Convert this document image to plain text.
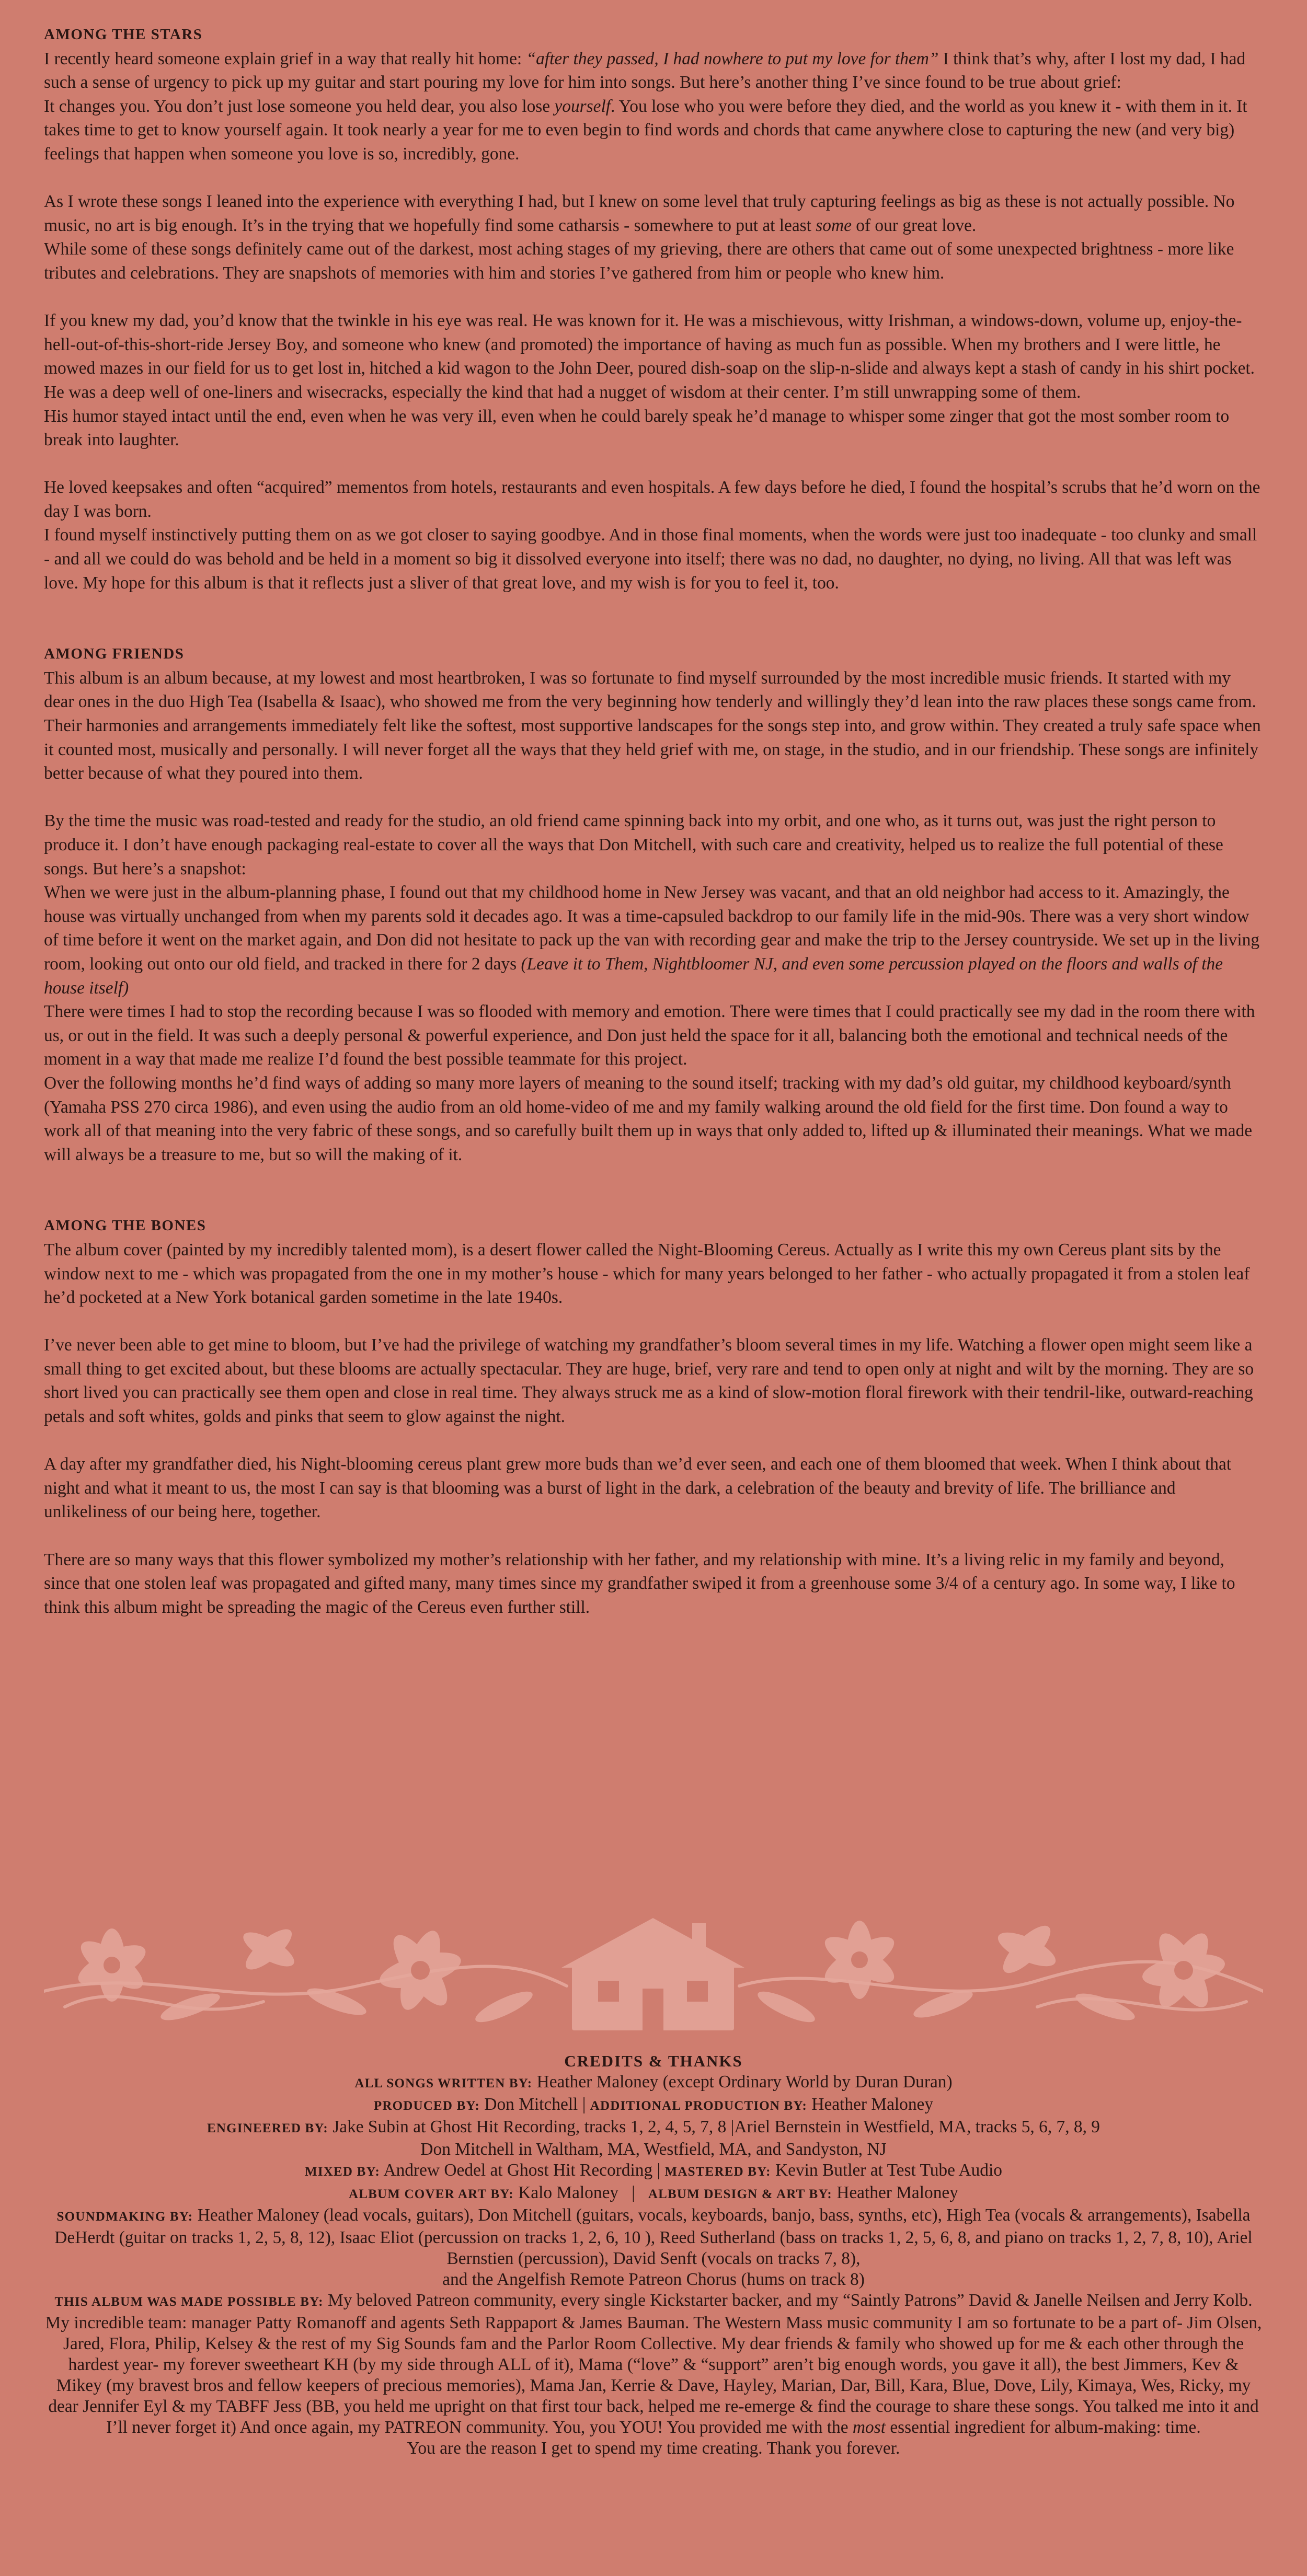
AMONG THE STARS

I recently heard someone explain grief in a way that really hit home: “after they passed, I had nowhere to put my love for them” I think that’s why, after I lost my dad, I had such a sense of urgency to pick up my guitar and start pouring my love for him into songs. But here’s another thing I’ve since found to be true about grief:

It changes you. You don’t just lose someone you held dear, you also lose yourself. You lose who you were before they died, and the world as you knew it - with them in it. It takes time to get to know yourself again. It took nearly a year for me to even begin to find words and chords that came anywhere close to capturing the new (and very big) feelings that happen when someone you love is so, incredibly, gone.

As I wrote these songs I leaned into the experience with everything I had, but I knew on some level that truly capturing feelings as big as these is not actually possible. No music, no art is big enough. It’s in the trying that we hopefully find some catharsis - somewhere to put at least some of our great love.

While some of these songs definitely came out of the darkest, most aching stages of my grieving, there are others that came out of some unexpected brightness - more like tributes and celebrations. They are snapshots of memories with him and stories I’ve gathered from him or people who knew him.

If you knew my dad, you’d know that the twinkle in his eye was real. He was known for it. He was a mischievous, witty Irishman, a windows-down, volume up, enjoy-the-hell-out-of-this-short-ride Jersey Boy, and someone who knew (and promoted) the importance of having as much fun as possible. When my brothers and I were little, he mowed mazes in our field for us to get lost in, hitched a kid wagon to the John Deer, poured dish-soap on the slip-n-slide and always kept a stash of candy in his shirt pocket. He was a deep well of one-liners and wisecracks, especially the kind that had a nugget of wisdom at their center. I’m still unwrapping some of them.

His humor stayed intact until the end, even when he was very ill, even when he could barely speak he’d manage to whisper some zinger that got the most somber room to break into laughter.

He loved keepsakes and often “acquired” mementos from hotels, restaurants and even hospitals. A few days before he died, I found the hospital’s scrubs that he’d worn on the day I was born.

I found myself instinctively putting them on as we got closer to saying goodbye. And in those final moments, when the words were just too inadequate - too clunky and small - and all we could do was behold and be held in a moment so big it dissolved everyone into itself; there was no dad, no daughter, no dying, no living. All that was left was love. My hope for this album is that it reflects just a sliver of that great love, and my wish is for you to feel it, too.

AMONG FRIENDS

This album is an album because, at my lowest and most heartbroken, I was so fortunate to find myself surrounded by the most incredible music friends. It started with my dear ones in the duo High Tea (Isabella & Isaac), who showed me from the very beginning how tenderly and willingly they’d lean into the raw places these songs came from. Their harmonies and arrangements immediately felt like the softest, most supportive landscapes for the songs step into, and grow within. They created a truly safe space when it counted most, musically and personally. I will never forget all the ways that they held grief with me, on stage, in the studio, and in our friendship. These songs are infinitely better because of what they poured into them.

By the time the music was road-tested and ready for the studio, an old friend came spinning back into my orbit, and one who, as it turns out, was just the right person to produce it. I don’t have enough packaging real-estate to cover all the ways that Don Mitchell, with such care and creativity, helped us to realize the full potential of these songs. But here’s a snapshot:

When we were just in the album-planning phase, I found out that my childhood home in New Jersey was vacant, and that an old neighbor had access to it. Amazingly, the house was virtually unchanged from when my parents sold it decades ago. It was a time-capsuled backdrop to our family life in the mid-90s. There was a very short window of time before it went on the market again, and Don did not hesitate to pack up the van with recording gear and make the trip to the Jersey countryside. We set up in the living room, looking out onto our old field, and tracked in there for 2 days (Leave it to Them, Nightbloomer NJ, and even some percussion played on the floors and walls of the house itself)

There were times I had to stop the recording because I was so flooded with memory and emotion. There were times that I could practically see my dad in the room there with us, or out in the field. It was such a deeply personal & powerful experience, and Don just held the space for it all, balancing both the emotional and technical needs of the moment in a way that made me realize I’d found the best possible teammate for this project.

Over the following months he’d find ways of adding so many more layers of meaning to the sound itself; tracking with my dad’s old guitar, my childhood keyboard/synth (Yamaha PSS 270 circa 1986), and even using the audio from an old home-video of me and my family walking around the old field for the first time. Don found a way to work all of that meaning into the very fabric of these songs, and so carefully built them up in ways that only added to, lifted up & illuminated their meanings. What we made will always be a treasure to me, but so will the making of it.

AMONG THE BONES

The album cover (painted by my incredibly talented mom), is a desert flower called the Night-Blooming Cereus. Actually as I write this my own Cereus plant sits by the window next to me - which was propagated from the one in my mother’s house - which for many years belonged to her father - who actually propagated it from a stolen leaf he’d pocketed at a New York botanical garden sometime in the late 1940s.

I’ve never been able to get mine to bloom, but I’ve had the privilege of watching my grandfather’s bloom several times in my life. Watching a flower open might seem like a small thing to get excited about, but these blooms are actually spectacular. They are huge, brief, very rare and tend to open only at night and wilt by the morning. They are so short lived you can practically see them open and close in real time. They always struck me as a kind of slow-motion floral firework with their tendril-like, outward-reaching petals and soft whites, golds and pinks that seem to glow against the night.

A day after my grandfather died, his Night-blooming cereus plant grew more buds than we’d ever seen, and each one of them bloomed that week. When I think about that night and what it meant to us, the most I can say is that blooming was a burst of light in the dark, a celebration of the beauty and brevity of life. The brilliance and unlikeliness of our being here, together.

There are so many ways that this flower symbolized my mother’s relationship with her father, and my relationship with mine. It’s a living relic in my family and beyond, since that one stolen leaf was propagated and gifted many, many times since my grandfather swiped it from a greenhouse some 3/4 of a century ago. In some way, I like to think this album might be spreading the magic of the Cereus even further still.

CREDITS & THANKS
ALL SONGS WRITTEN BY: Heather Maloney (except Ordinary World by Duran Duran)
PRODUCED BY: Don Mitchell | ADDITIONAL PRODUCTION BY: Heather Maloney
ENGINEERED BY: Jake Subin at Ghost Hit Recording, tracks 1, 2, 4, 5, 7, 8 |Ariel Bernstein in Westfield, MA, tracks 5, 6, 7, 8, 9
Don Mitchell in Waltham, MA, Westfield, MA, and Sandyston, NJ
MIXED BY: Andrew Oedel at Ghost Hit Recording | MASTERED BY: Kevin Butler at Test Tube Audio
ALBUM COVER ART BY: Kalo Maloney | ALBUM DESIGN & ART BY: Heather Maloney
SOUNDMAKING BY: Heather Maloney (lead vocals, guitars), Don Mitchell (guitars, vocals, keyboards, banjo, bass, synths, etc), High Tea (vocals & arrangements), Isabella DeHerdt (guitar on tracks 1, 2, 5, 8, 12), Isaac Eliot (percussion on tracks 1, 2, 6, 10 ), Reed Sutherland (bass on tracks 1, 2, 5, 6, 8, and piano on tracks 1, 2, 7, 8, 10), Ariel Bernstien (percussion), David Senft (vocals on tracks 7, 8),
and the Angelfish Remote Patreon Chorus (hums on track 8)
THIS ALBUM WAS MADE POSSIBLE BY: My beloved Patreon community, every single Kickstarter backer, and my “Saintly Patrons” David & Janelle Neilsen and Jerry Kolb. My incredible team: manager Patty Romanoff and agents Seth Rappaport & James Bauman. The Western Mass music community I am so fortunate to be a part of- Jim Olsen, Jared, Flora, Philip, Kelsey & the rest of my Sig Sounds fam and the Parlor Room Collective. My dear friends & family who showed up for me & each other through the hardest year- my forever sweetheart KH (by my side through ALL of it), Mama (“love” & “support” aren’t big enough words, you gave it all), the best Jimmers, Kev & Mikey (my bravest bros and fellow keepers of precious memories), Mama Jan, Kerrie & Dave, Hayley, Marian, Dar, Bill, Kara, Blue, Dove, Lily, Kimaya, Wes, Ricky, my dear Jennifer Eyl & my TABFF Jess (BB, you held me upright on that first tour back, helped me re-emerge & find the courage to share these songs. You talked me into it and I’ll never forget it) And once again, my PATREON community. You, you YOU! You provided me with the most essential ingredient for album-making: time.
You are the reason I get to spend my time creating. Thank you forever.
